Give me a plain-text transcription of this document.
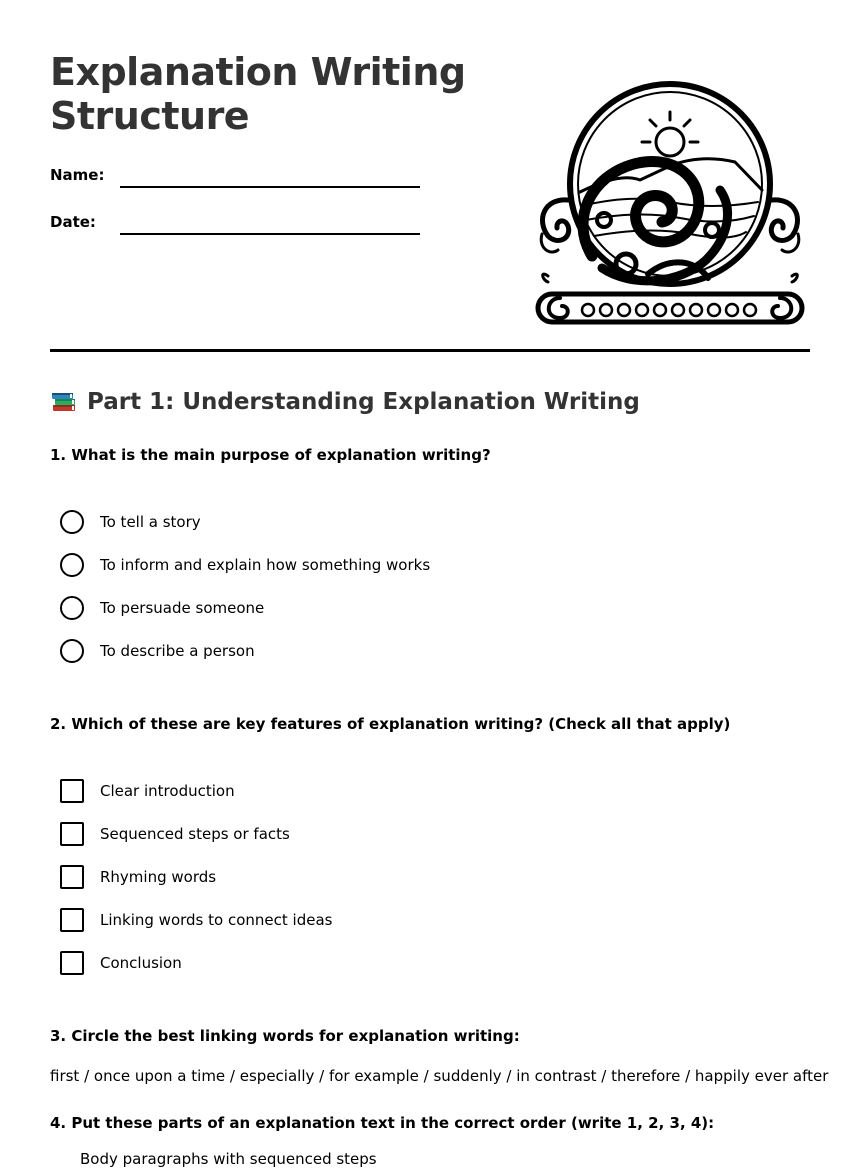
Explanation Writing Structure
Name:
Date:
Part 1: Understanding Explanation Writing
1. What is the main purpose of explanation writing?
To tell a story
To inform and explain how something works
To persuade someone
To describe a person
2. Which of these are key features of explanation writing? (Check all that apply)
Clear introduction
Sequenced steps or facts
Rhyming words
Linking words to connect ideas
Conclusion
3. Circle the best linking words for explanation writing:
first / once upon a time / especially / for example / suddenly / in contrast / therefore / happily ever after
4. Put these parts of an explanation text in the correct order (write 1, 2, 3, 4):
Body paragraphs with sequenced steps
